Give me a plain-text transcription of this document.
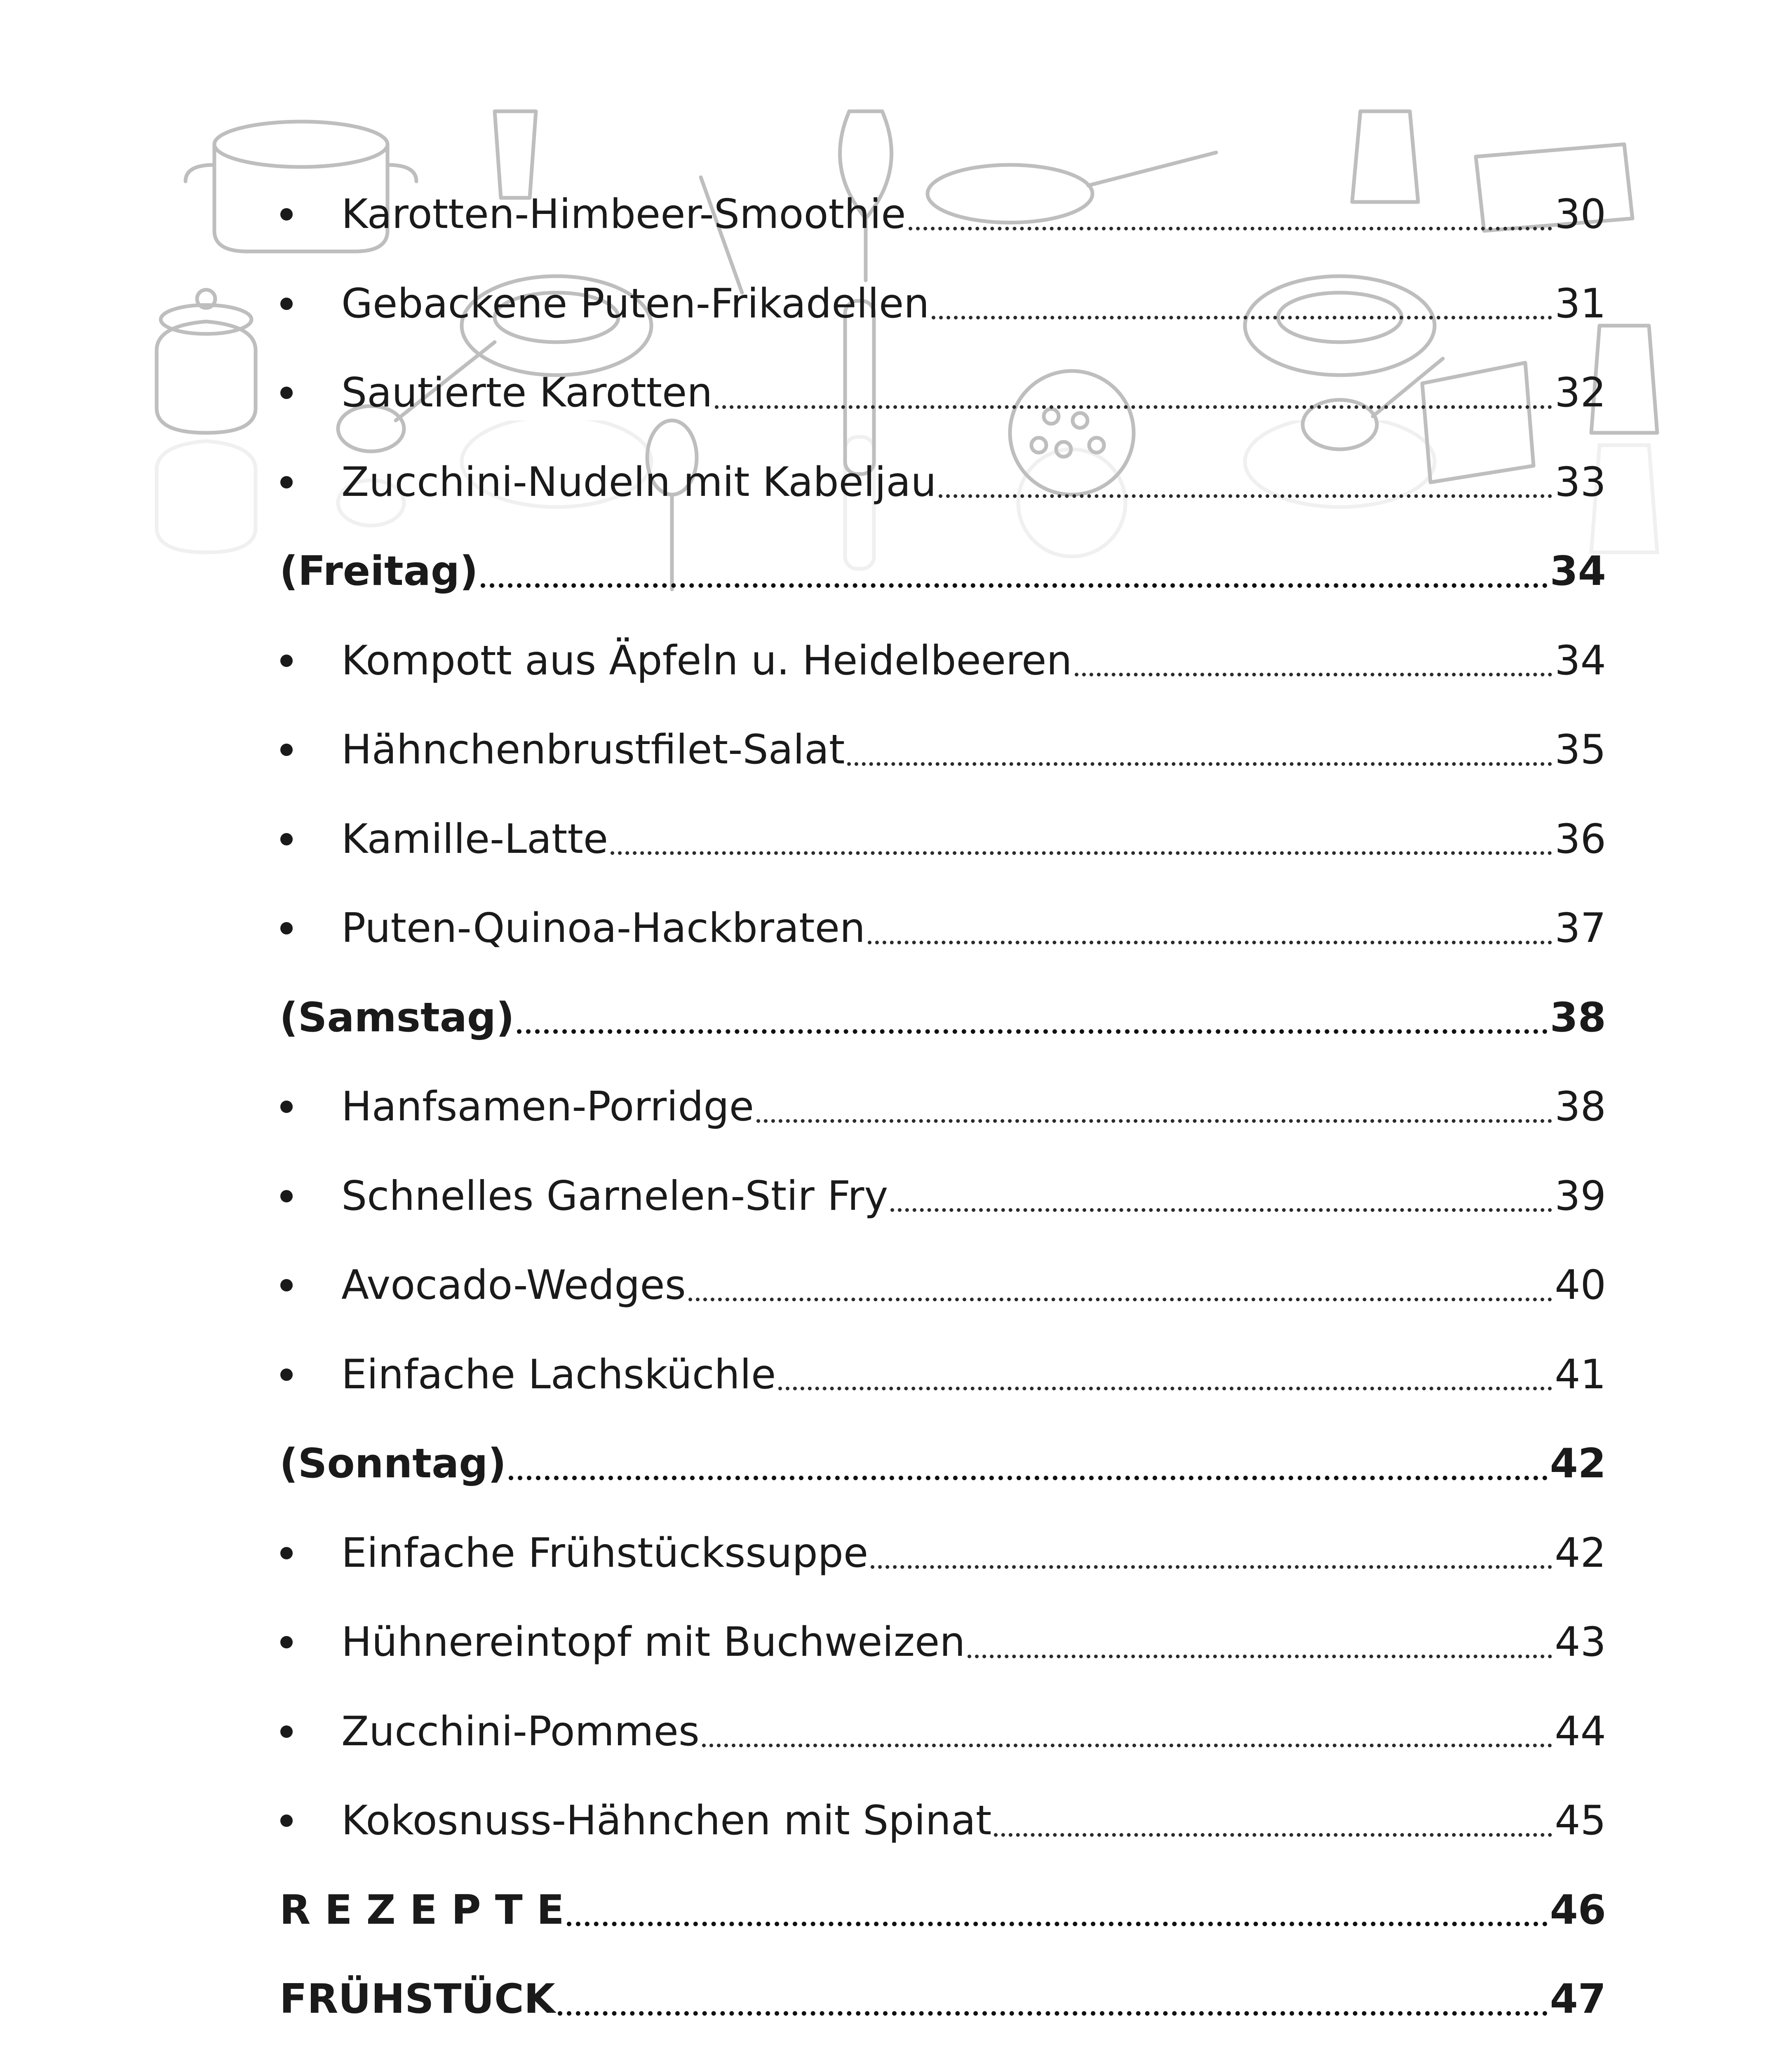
Karotten-Himbeer-Smoothie	30
Gebackene Puten-Frikadellen	31
Sautierte Karotten	32
Zucchini-Nudeln mit Kabeljau	33
(Freitag)	34
Kompott aus Äpfeln u. Heidelbeeren	34
Hähnchenbrustfilet-Salat	35
Kamille-Latte	36
Puten-Quinoa-Hackbraten	37
(Samstag)	38
Hanfsamen-Porridge	38
Schnelles Garnelen-Stir Fry	39
Avocado-Wedges	40
Einfache Lachsküchle	41
(Sonntag)	42
Einfache Frühstückssuppe	42
Hühnereintopf mit Buchweizen	43
Zucchini-Pommes	44
Kokosnuss-Hähnchen mit Spinat	45
R E Z E P T E	46
FRÜHSTÜCK	47
